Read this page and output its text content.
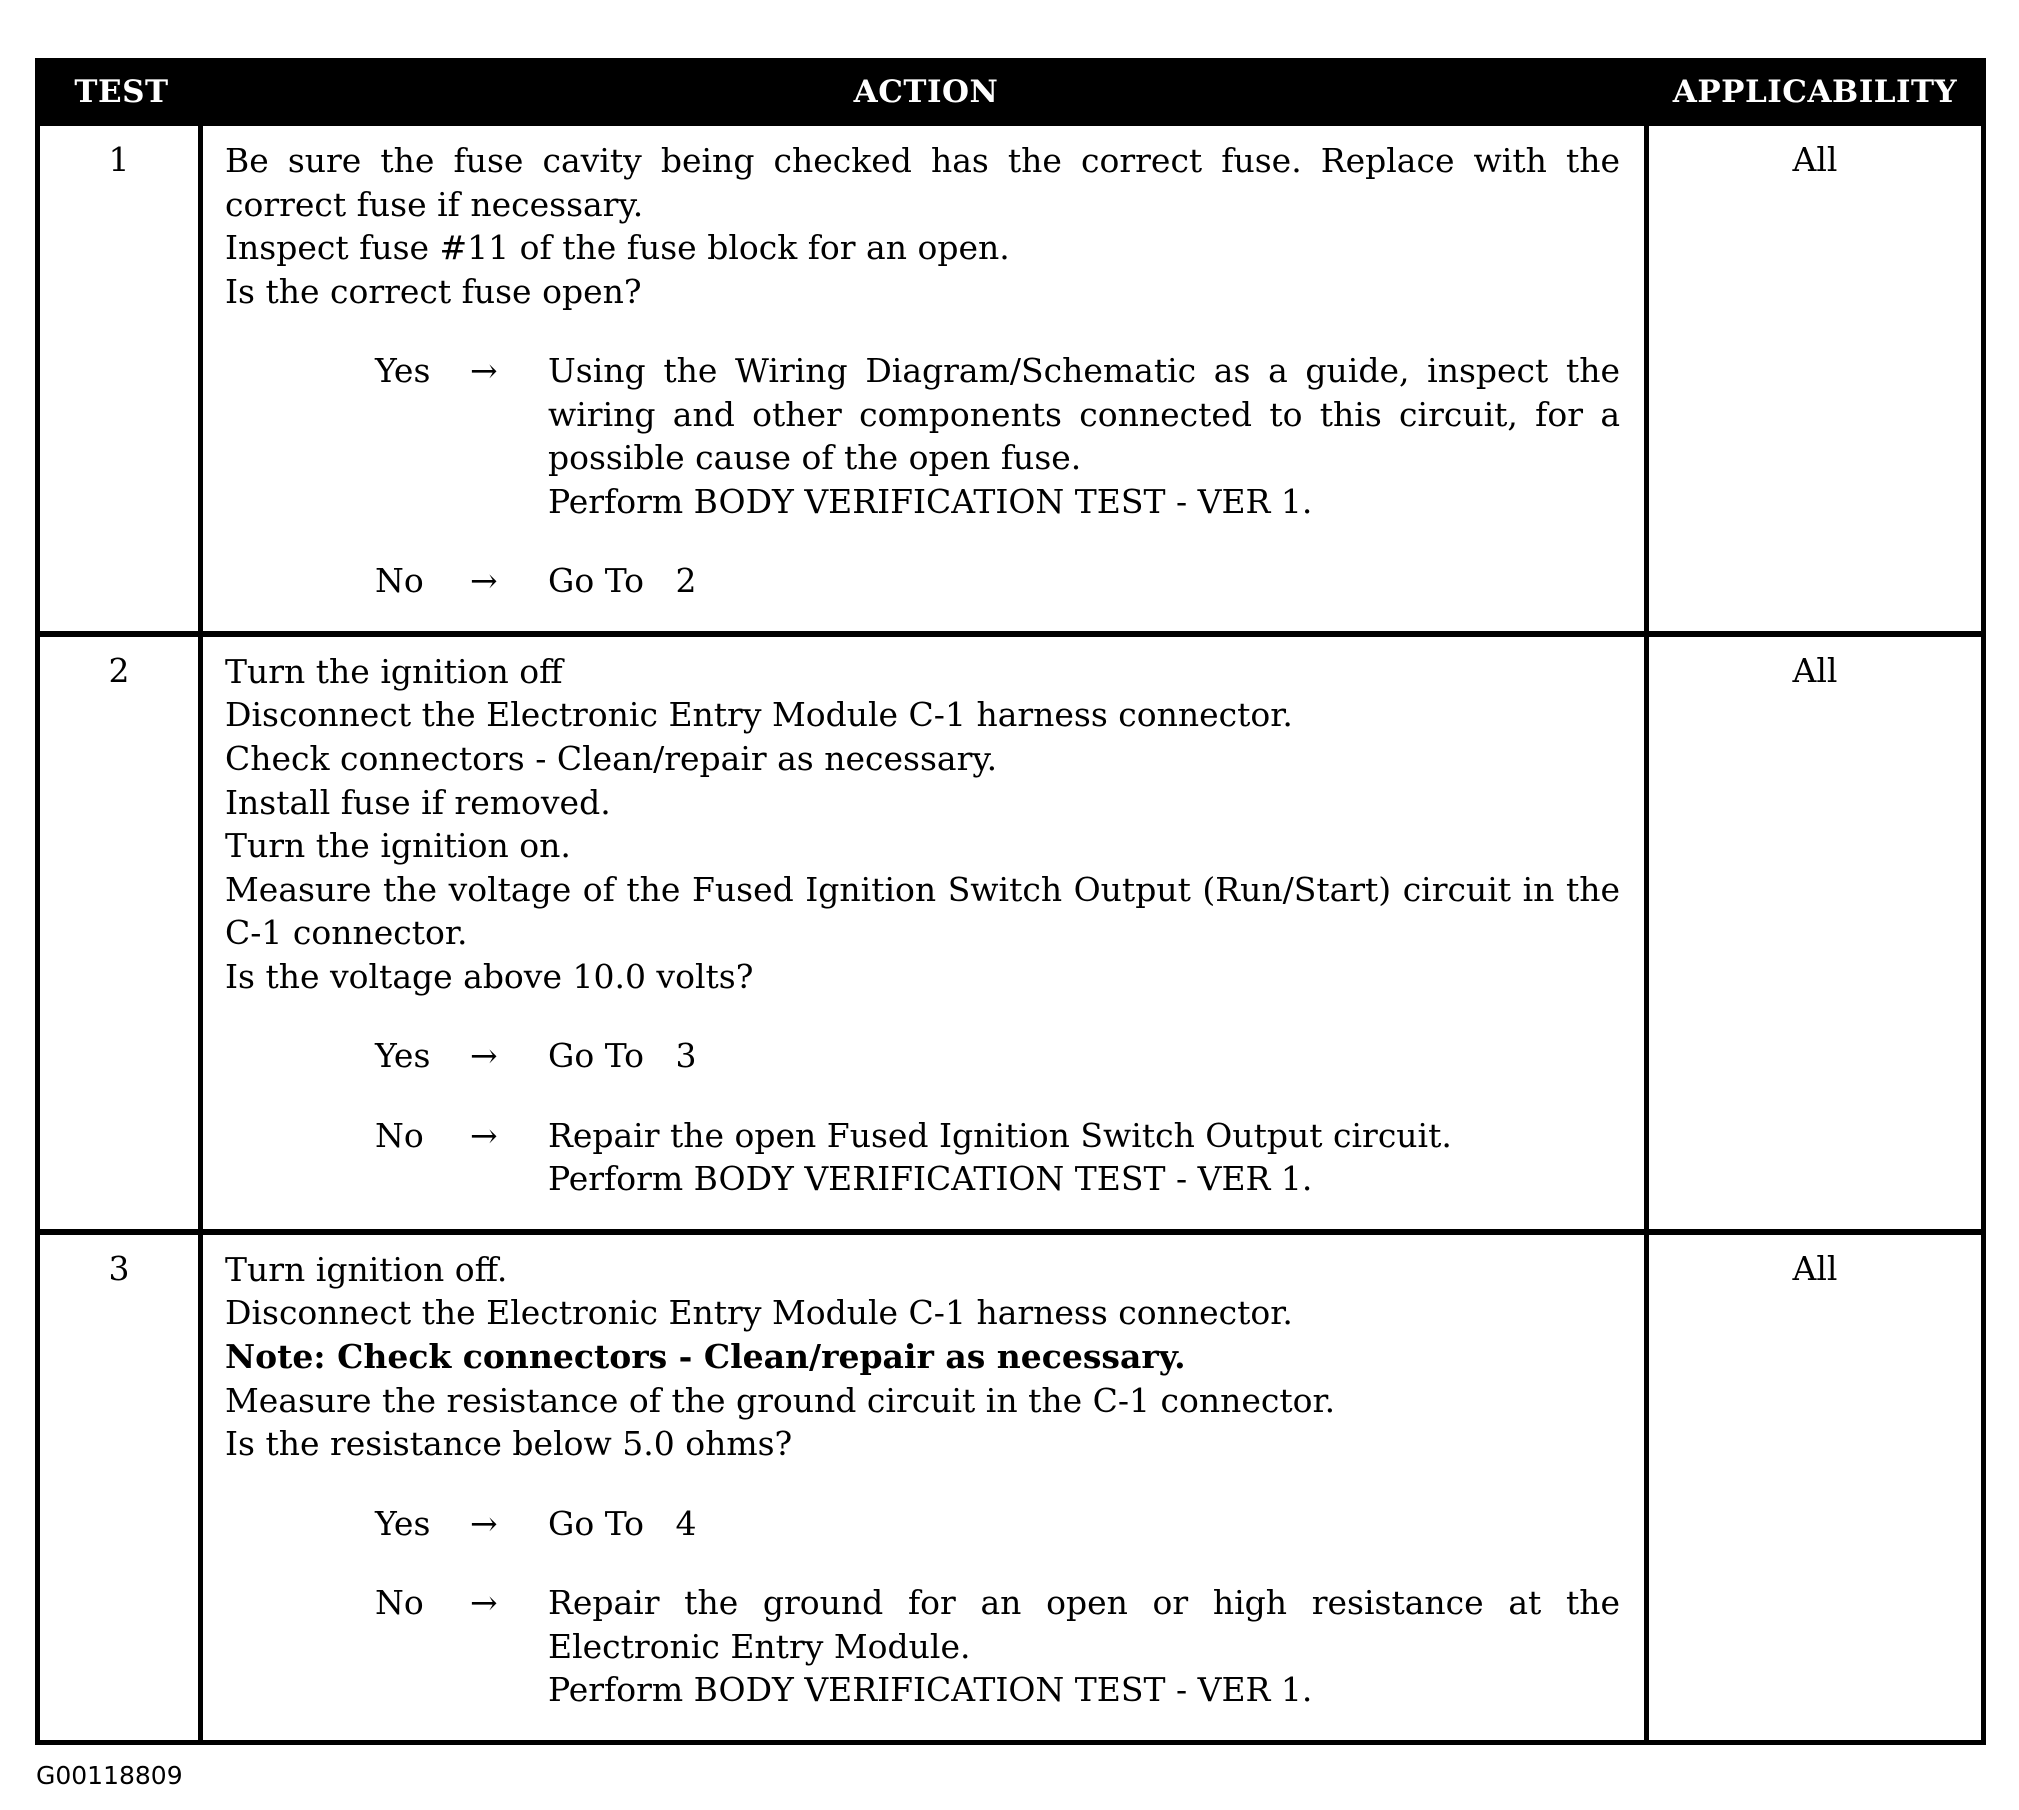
TEST	ACTION	APPLICABILITY
1	Be sure the fuse cavity being checked has the correct fuse. Replace with the correct fuse if necessary.
Inspect fuse #11 of the fuse block for an open.
Is the correct fuse open?
Yes	→	Using the Wiring Diagram/Schematic as a guide, inspect the wiring and other components connected to this circuit, for a possible cause of the open fuse.
Perform BODY VERIFICATION TEST - VER 1.
No	→	Go To   2
All
2	Turn the ignition off
Disconnect the Electronic Entry Module C-1 harness connector.
Check connectors - Clean/repair as necessary.
Install fuse if removed.
Turn the ignition on.
Measure the voltage of the Fused Ignition Switch Output (Run/Start) circuit in the C-1 connector.
Is the voltage above 10.0 volts?
Yes	→	Go To   3
No	→	Repair the open Fused Ignition Switch Output circuit.
Perform BODY VERIFICATION TEST - VER 1.
All
3	Turn ignition off.
Disconnect the Electronic Entry Module C-1 harness connector.
Note: Check connectors - Clean/repair as necessary.
Measure the resistance of the ground circuit in the C-1 connector.
Is the resistance below 5.0 ohms?
Yes	→	Go To   4
No	→	Repair the ground for an open or high resistance at the Electronic Entry Module.
Perform BODY VERIFICATION TEST - VER 1.
All
G00118809
